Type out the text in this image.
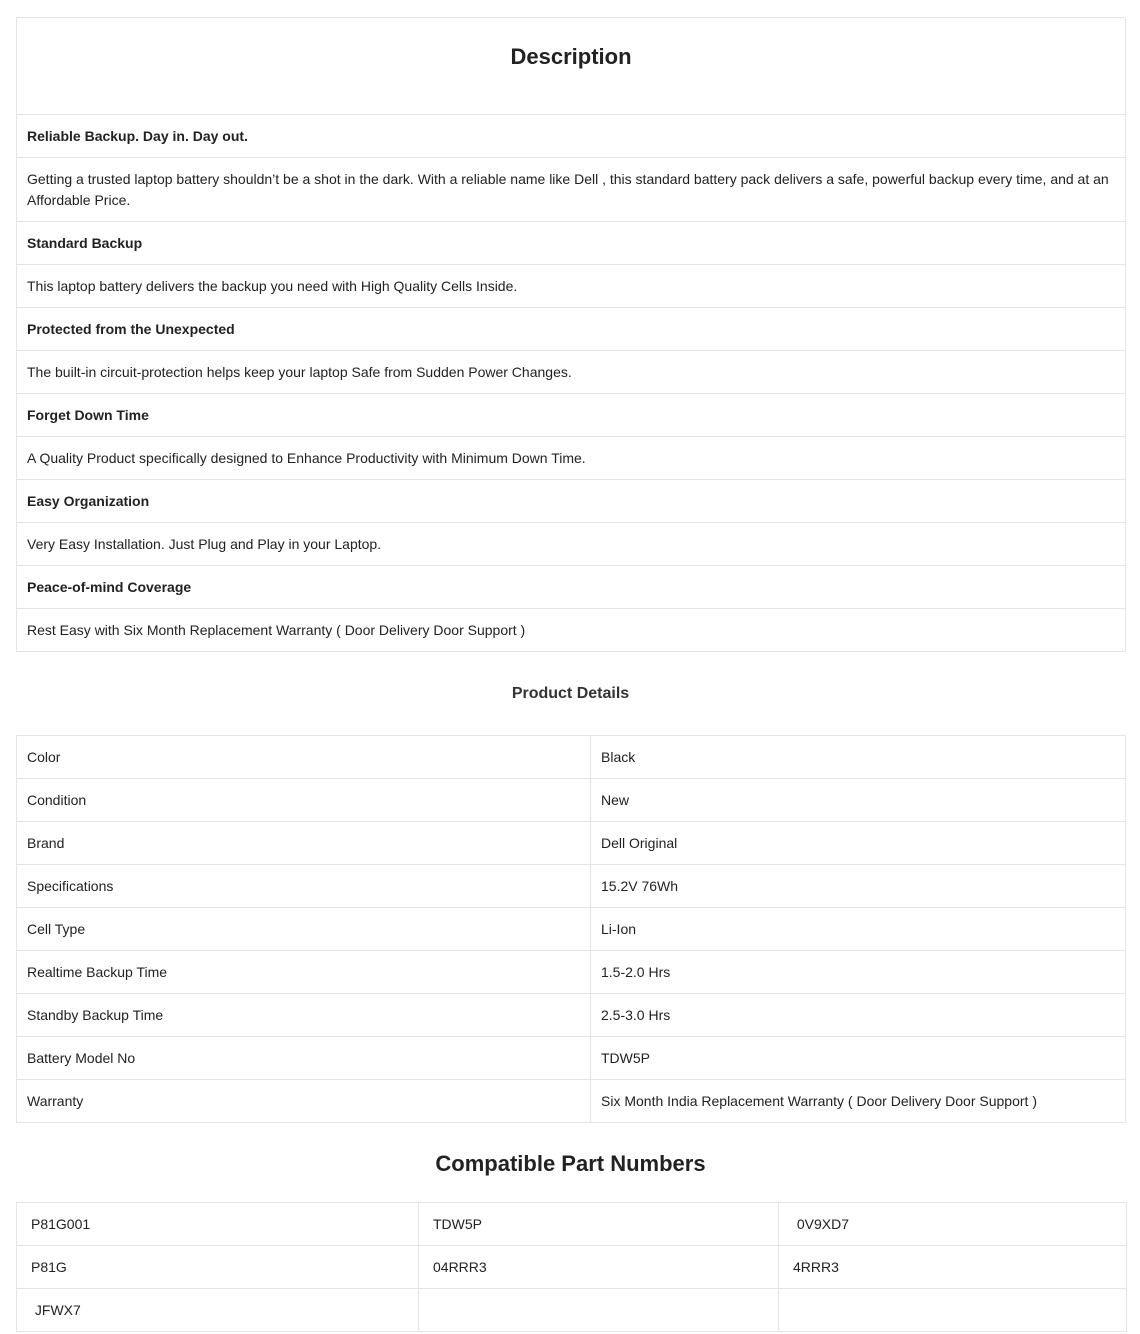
Description
Reliable Backup. Day in. Day out.
Getting a trusted laptop battery shouldn’t be a shot in the dark. With a reliable name like Dell , this standard battery pack delivers a safe, powerful backup every time, and at an Affordable Price.
Standard Backup
This laptop battery delivers the backup you need with High Quality Cells Inside.
Protected from the Unexpected
The built-in circuit-protection helps keep your laptop Safe from Sudden Power Changes.
Forget Down Time
A Quality Product specifically designed to Enhance Productivity with Minimum Down Time.
Easy Organization
Very Easy Installation. Just Plug and Play in your Laptop.
Peace-of-mind Coverage
Rest Easy with Six Month Replacement Warranty ( Door Delivery Door Support )
Product Details
Color	Black
Condition	New
Brand	Dell Original
Specifications	15.2V 76Wh
Cell Type	Li-Ion
Realtime Backup Time	1.5-2.0 Hrs
Standby Backup Time	2.5-3.0 Hrs
Battery Model No	TDW5P
Warranty	Six Month India Replacement Warranty ( Door Delivery Door Support )
Compatible Part Numbers
P81G001	TDW5P	0V9XD7
P81G	04RRR3	4RRR3
JFWX7		
